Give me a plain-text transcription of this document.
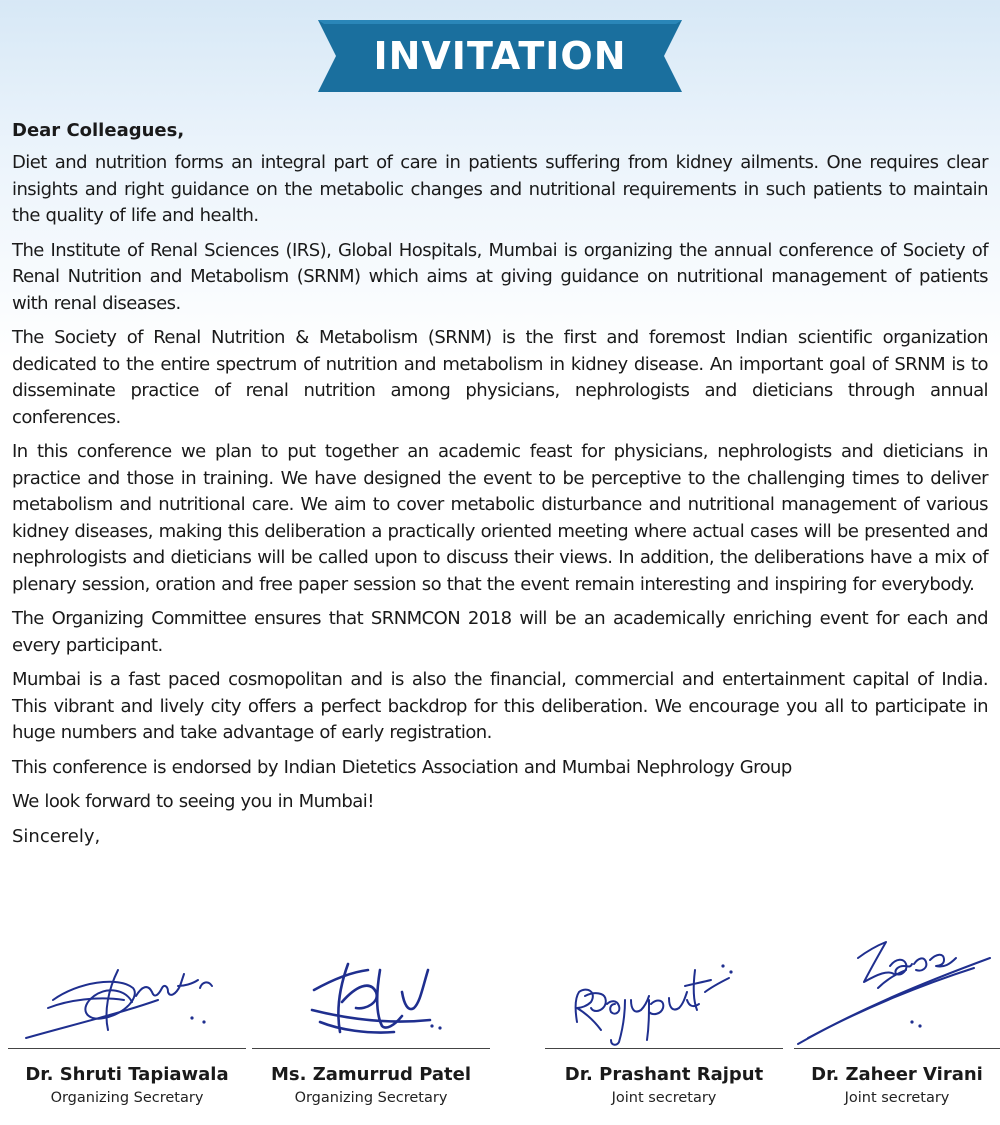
INVITATION
Dear Colleagues,

Diet and nutrition forms an integral part of care in patients suffering from kidney ailments. One requires clear insights and right guidance on the metabolic changes and nutritional requirements in such patients to maintain the quality of life and health.

The Institute of Renal Sciences (IRS), Global Hospitals, Mumbai is organizing the annual conference of Society of Renal Nutrition and Metabolism (SRNM) which aims at giving guidance on nutritional management of patients with renal diseases.

The Society of Renal Nutrition & Metabolism (SRNM) is the first and foremost Indian scientific organization dedicated to the entire spectrum of nutrition and metabolism in kidney disease. An important goal of SRNM is to disseminate practice of renal nutrition among physicians, nephrologists and dieticians through annual conferences.

In this conference we plan to put together an academic feast for physicians, nephrologists and dieticians in practice and those in training. We have designed the event to be perceptive to the challenging times to deliver metabolism and nutritional care. We aim to cover metabolic disturbance and nutritional management of various kidney diseases, making this deliberation a practically oriented meeting where actual cases will be presented and nephrologists and dieticians will be called upon to discuss their views. In addition, the deliberations have a mix of plenary session, oration and free paper session so that the event remain interesting and inspiring for everybody.

The Organizing Committee ensures that SRNMCON 2018 will be an academically enriching event for each and every participant.

Mumbai is a fast paced cosmopolitan and is also the financial, commercial and entertainment capital of India. This vibrant and lively city offers a perfect backdrop for this deliberation. We encourage you all to participate in huge numbers and take advantage of early registration.

This conference is endorsed by Indian Dietetics Association and Mumbai Nephrology Group

We look forward to seeing you in Mumbai!

Sincerely,
Dr. Shruti Tapiawala
Organizing Secretary
Ms. Zamurrud Patel
Organizing Secretary
Dr. Prashant Rajput
Joint secretary
Dr. Zaheer Virani
Joint secretary
